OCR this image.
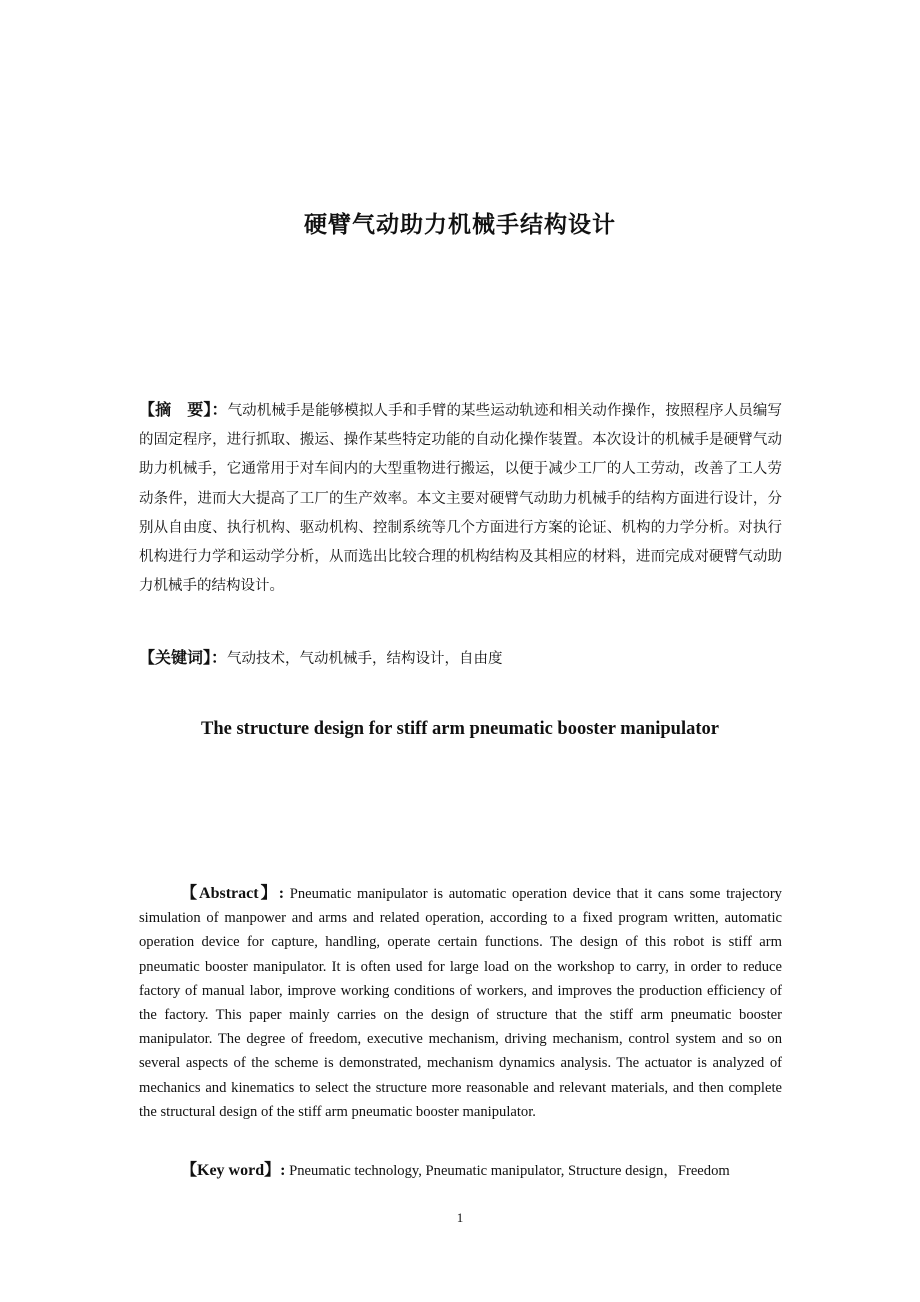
硬臂气动助力机械手结构设计

【摘　要】：气动机械手是能够模拟人手和手臂的某些运动轨迹和相关动作操作，按照程序人员编写的固定程序，进行抓取、搬运、操作某些特定功能的自动化操作装置。本次设计的机械手是硬臂气动助力机械手，它通常用于对车间内的大型重物进行搬运，以便于减少工厂的人工劳动，改善了工人劳动条件，进而大大提高了工厂的生产效率。本文主要对硬臂气动助力机械手的结构方面进行设计，分别从自由度、执行机构、驱动机构、控制系统等几个方面进行方案的论证、机构的力学分析。对执行机构进行力学和运动学分析，从而选出比较合理的机构结构及其相应的材料，进而完成对硬臂气动助力机械手的结构设计。

【关键词】：气动技术，气动机械手，结构设计，自由度

The structure design for stiff arm pneumatic booster manipulator

【Abstract】: Pneumatic manipulator is automatic operation device that it cans some trajectory simulation of manpower and arms and related operation, according to a fixed program written, automatic operation device for capture, handling, operate certain functions. The design of this robot is stiff arm pneumatic booster manipulator. It is often used for large load on the workshop to carry, in order to reduce factory of manual labor, improve working conditions of workers, and improves the production efficiency of the factory. This paper mainly carries on the design of structure that the stiff arm pneumatic booster manipulator. The degree of freedom, executive mechanism, driving mechanism, control system and so on several aspects of the scheme is demonstrated, mechanism dynamics analysis. The actuator is analyzed of mechanics and kinematics to select the structure more reasonable and relevant materials, and then complete the structural design of the stiff arm pneumatic booster manipulator.

【Key word】: Pneumatic technology, Pneumatic manipulator, Structure design，Freedom

1
